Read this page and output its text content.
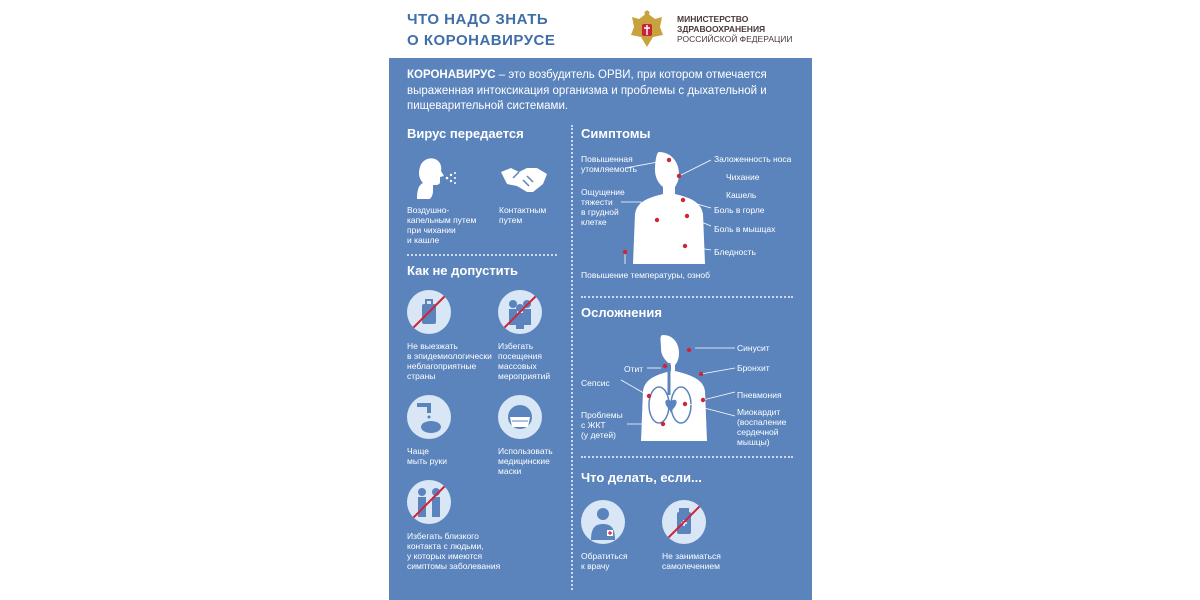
ЧТО НАДО ЗНАТЬ
О КОРОНАВИРУСЕ
МИНИСТЕРСТВО
ЗДРАВООХРАНЕНИЯ
РОССИЙСКОЙ ФЕДЕРАЦИИ
КОРОНАВИРУС – это возбудитель ОРВИ, при котором отмечается выраженная интоксикация организма и проблемы с дыхательной и пищеварительной системами.
Вирус передается
Воздушно-
капельным путем
при чихании
и кашле
Контактным
путем
Как не допустить
Не выезжать
в эпидемиологически
неблагоприятные
страны
Избегать
посещения
массовых
мероприятий
Чаще
мыть руки
Использовать
медицинские
маски
Избегать близкого
контакта с людьми,
у которых имеются
симптомы заболевания
Симптомы
Повышенная
утомляемость
Ощущение
тяжести
в грудной
клетке
Заложенность носа
Чихание
Кашель
Боль в горле
Боль в мышцах
Бледность
Повышение температуры, озноб
Осложнения
Отит
Сепсис
Проблемы
с ЖКТ
(у детей)
Синусит
Бронхит
Пневмония
Миокардит
(воспаление
сердечной
мышцы)
Что делать, если...
Обратиться
к врачу
Не заниматься
самолечением
